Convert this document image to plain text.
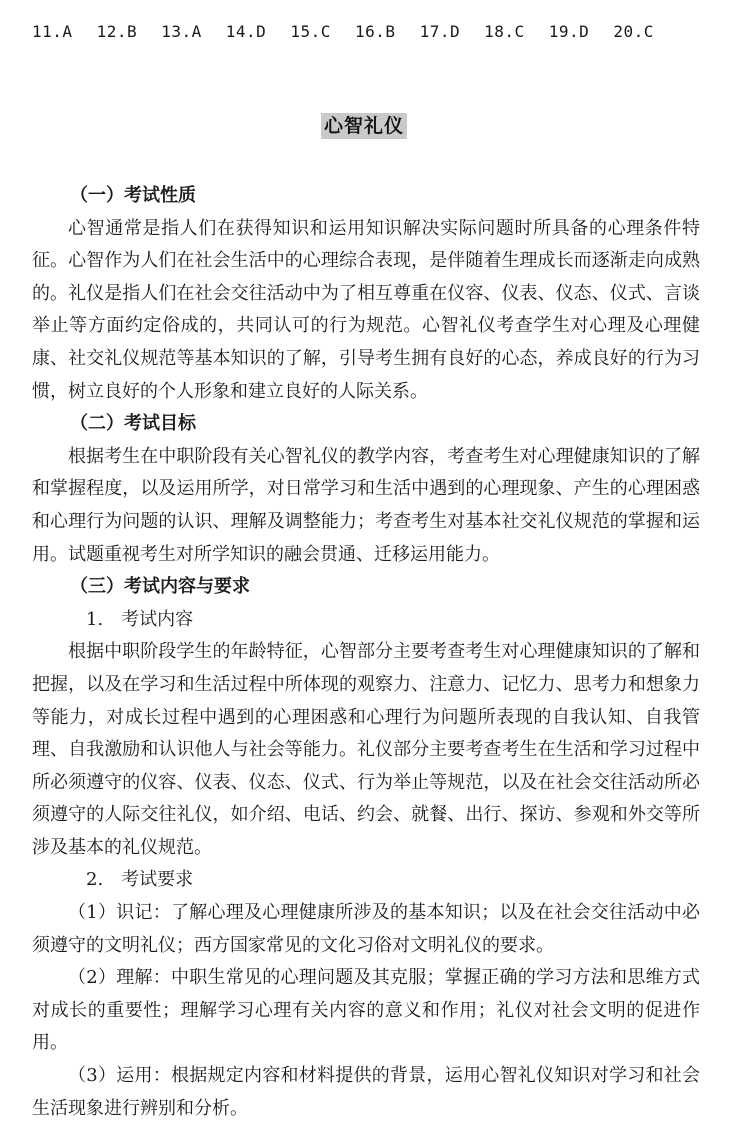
11.A	12.B	13.A	14.D	15.C	16.B	17.D	18.C	19.D	20.C
心智礼仪

（一）考试性质

心智通常是指人们在获得知识和运用知识解决实际问题时所具备的心理条件特征。心智作为人们在社会生活中的心理综合表现，是伴随着生理成长而逐渐走向成熟的。礼仪是指人们在社会交往活动中为了相互尊重在仪容、仪表、仪态、仪式、言谈举止等方面约定俗成的，共同认可的行为规范。心智礼仪考查学生对心理及心理健康、社交礼仪规范等基本知识的了解，引导考生拥有良好的心态，养成良好的行为习惯，树立良好的个人形象和建立良好的人际关系。

（二）考试目标

根据考生在中职阶段有关心智礼仪的教学内容，考查考生对心理健康知识的了解和掌握程度，以及运用所学，对日常学习和生活中遇到的心理现象、产生的心理困惑和心理行为问题的认识、理解及调整能力；考查考生对基本社交礼仪规范的掌握和运用。试题重视考生对所学知识的融会贯通、迁移运用能力。

（三）考试内容与要求

1.　考试内容

根据中职阶段学生的年龄特征，心智部分主要考查考生对心理健康知识的了解和把握，以及在学习和生活过程中所体现的观察力、注意力、记忆力、思考力和想象力等能力，对成长过程中遇到的心理困惑和心理行为问题所表现的自我认知、自我管理、自我激励和认识他人与社会等能力。礼仪部分主要考查考生在生活和学习过程中所必须遵守的仪容、仪表、仪态、仪式、行为举止等规范，以及在社会交往活动所必须遵守的人际交往礼仪，如介绍、电话、约会、就餐、出行、探访、参观和外交等所涉及基本的礼仪规范。

2.　考试要求

（1）识记：了解心理及心理健康所涉及的基本知识；以及在社会交往活动中必须遵守的文明礼仪；西方国家常见的文化习俗对文明礼仪的要求。

（2）理解：中职生常见的心理问题及其克服；掌握正确的学习方法和思维方式对成长的重要性；理解学习心理有关内容的意义和作用；礼仪对社会文明的促进作用。

（3）运用：根据规定内容和材料提供的背景，运用心智礼仪知识对学习和社会生活现象进行辨别和分析。
